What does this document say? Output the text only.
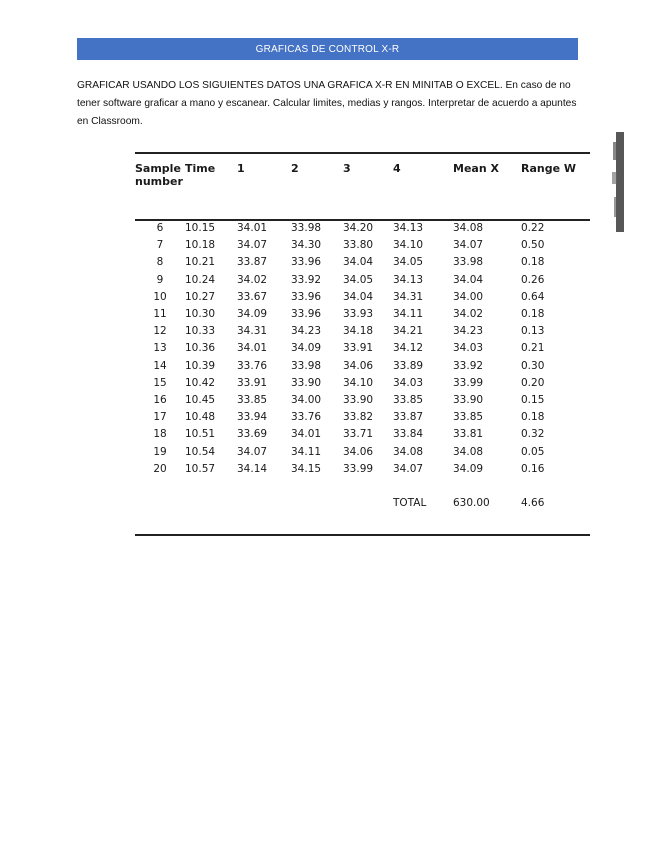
GRAFICAS DE CONTROL X-R
GRAFICAR USANDO LOS SIGUIENTES DATOS UNA GRAFICA X-R EN MINITAB O EXCEL. En caso de no tener software graficar a mano y escanear. Calcular limites, medias y rangos. Interpretar de acuerdo a apuntes en Classroom.
Sample number	Time	1	2	3	4	Mean X	Range W
6	10.15	34.01	33.98	34.20	34.13	34.08	0.22
7	10.18	34.07	34.30	33.80	34.10	34.07	0.50
8	10.21	33.87	33.96	34.04	34.05	33.98	0.18
9	10.24	34.02	33.92	34.05	34.13	34.04	0.26
10	10.27	33.67	33.96	34.04	34.31	34.00	0.64
11	10.30	34.09	33.96	33.93	34.11	34.02	0.18
12	10.33	34.31	34.23	34.18	34.21	34.23	0.13
13	10.36	34.01	34.09	33.91	34.12	34.03	0.21
14	10.39	33.76	33.98	34.06	33.89	33.92	0.30
15	10.42	33.91	33.90	34.10	34.03	33.99	0.20
16	10.45	33.85	34.00	33.90	33.85	33.90	0.15
17	10.48	33.94	33.76	33.82	33.87	33.85	0.18
18	10.51	33.69	34.01	33.71	33.84	33.81	0.32
19	10.54	34.07	34.11	34.06	34.08	34.08	0.05
20	10.57	34.14	34.15	33.99	34.07	34.09	0.16

					TOTAL	630.00	4.66
